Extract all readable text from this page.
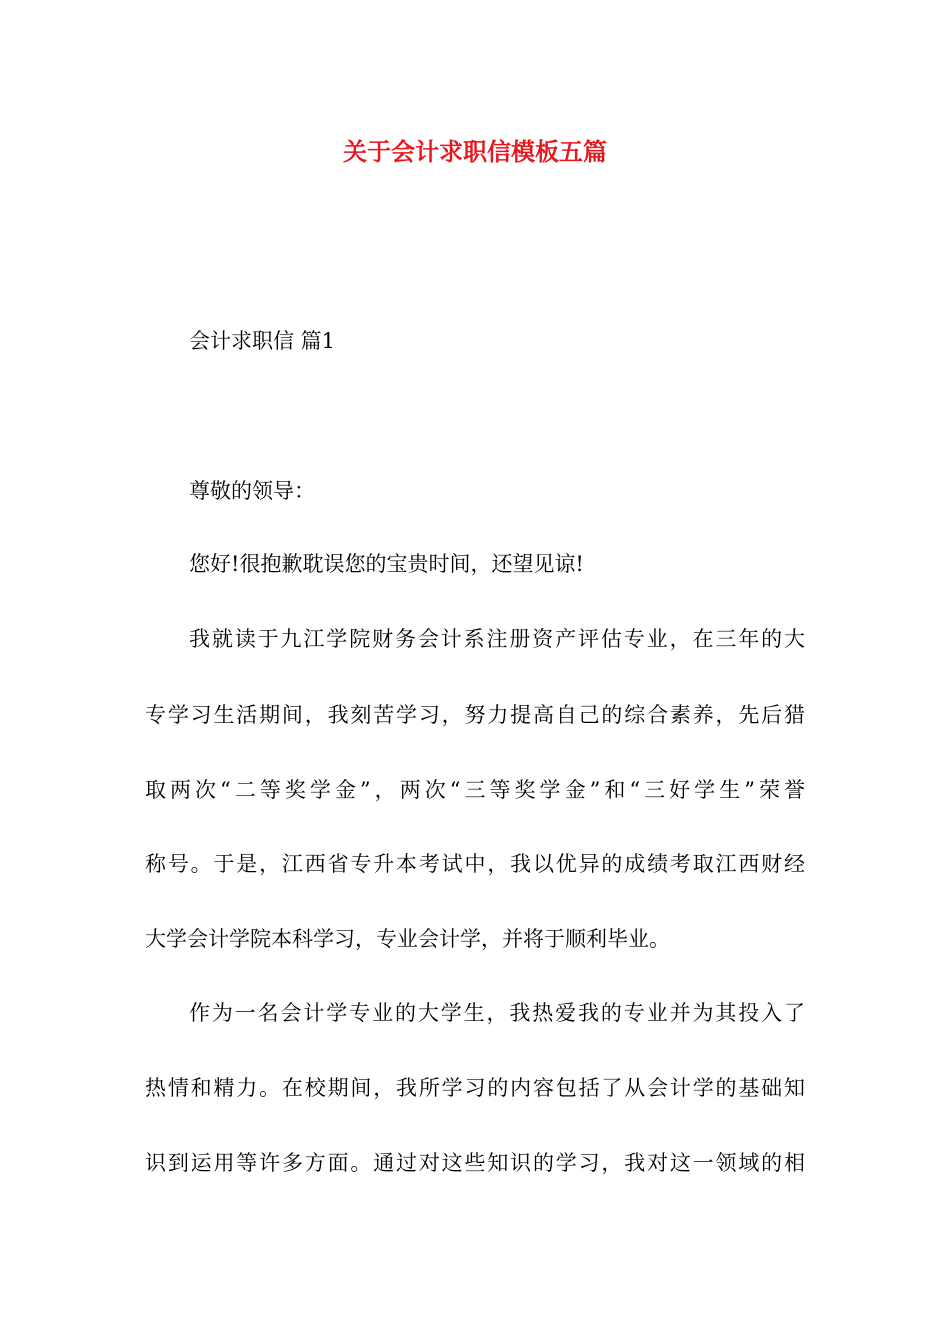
关于会计求职信模板五篇
会计求职信 篇1
尊敬的领导：
您好!很抱歉耽误您的宝贵时间，还望见谅!
我就读于九江学院财务会计系注册资产评估专业，在三年的大
专学习生活期间，我刻苦学习，努力提高自己的综合素养，先后猎
取两次“二等奖学金”，两次“三等奖学金”和“三好学生”荣誉
称号。于是，江西省专升本考试中，我以优异的成绩考取江西财经
大学会计学院本科学习，专业会计学，并将于顺利毕业。
作为一名会计学专业的大学生，我热爱我的专业并为其投入了
热情和精力。在校期间，我所学习的内容包括了从会计学的基础知
识到运用等许多方面。通过对这些知识的学习，我对这一领域的相
